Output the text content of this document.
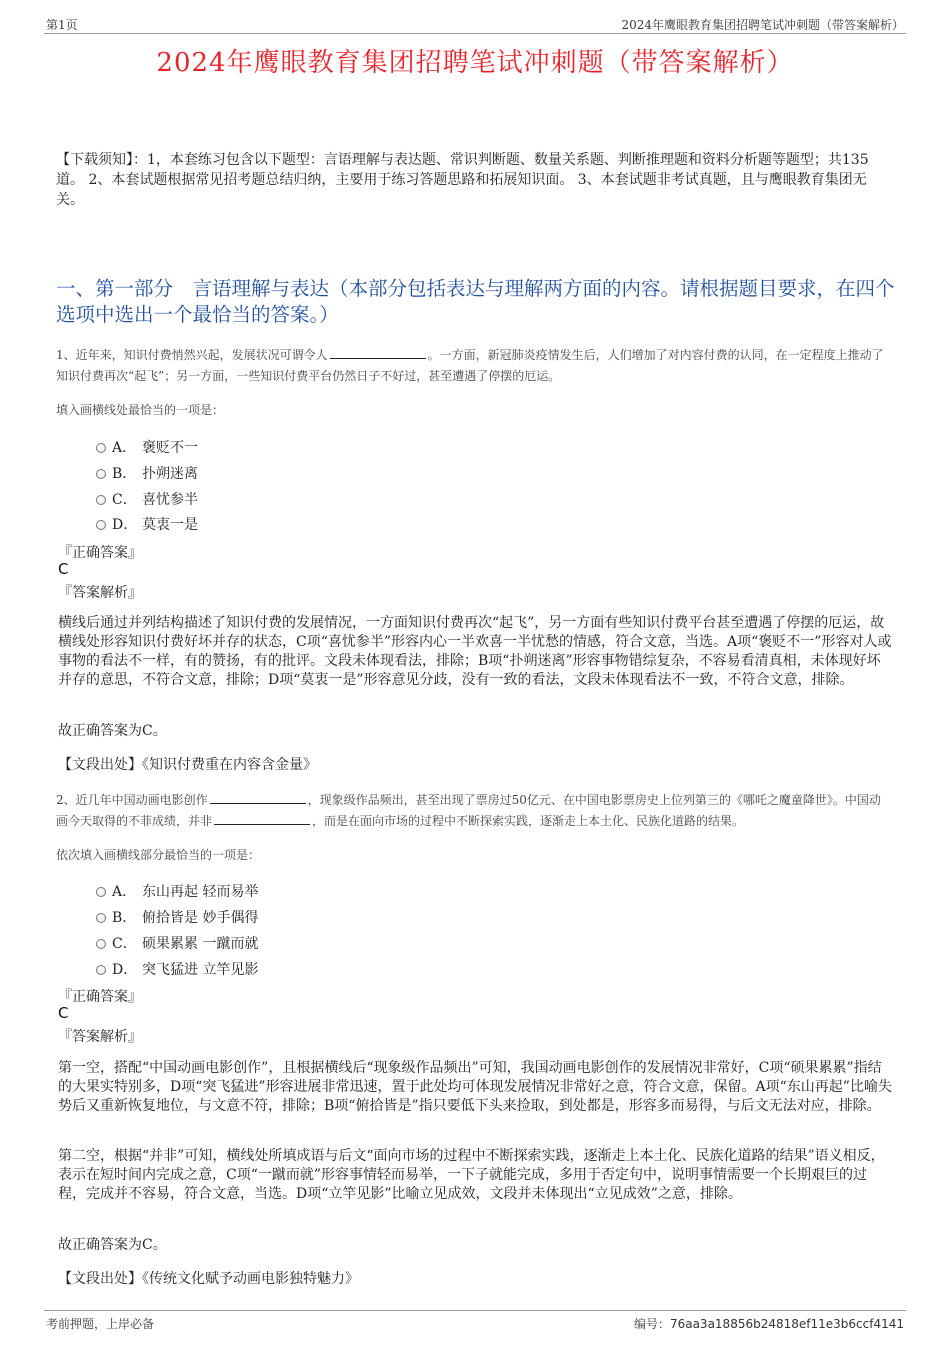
第1页	2024年鹰眼教育集团招聘笔试冲刺题（带答案解析）
2024年鹰眼教育集团招聘笔试冲刺题（带答案解析）
【下载须知】：1，本套练习包含以下题型：言语理解与表达题、常识判断题、数量关系题、判断推理题和资料分析题等题型；共135道。 2、本套试题根据常见招考题总结归纳，主要用于练习答题思路和拓展知识面。 3、本套试题非考试真题，且与鹰眼教育集团无关。
一、第一部分　言语理解与表达（本部分包括表达与理解两方面的内容。请根据题目要求，在四个选项中选出一个最恰当的答案。）
1、近年来，知识付费悄然兴起，发展状况可谓令人	。一方面，新冠肺炎疫情发生后，人们增加了对内容付费的认同，在一定程度上推动了知识付费再次“起飞”；另一方面，一些知识付费平台仍然日子不好过，甚至遭遇了停摆的厄运。
填入画横线处最恰当的一项是：
A． 褒贬不一
B． 扑朔迷离
C． 喜忧参半
D． 莫衷一是
『正确答案』
C
『答案解析』
横线后通过并列结构描述了知识付费的发展情况，一方面知识付费再次“起飞”，另一方面有些知识付费平台甚至遭遇了停摆的厄运，故横线处形容知识付费好坏并存的状态，C项“喜忧参半”形容内心一半欢喜一半忧愁的情感，符合文意，当选。A项“褒贬不一”形容对人或事物的看法不一样，有的赞扬，有的批评。文段未体现看法，排除；B项“扑朔迷离”形容事物错综复杂，不容易看清真相，未体现好坏并存的意思，不符合文意，排除；D项“莫衷一是”形容意见分歧，没有一致的看法，文段未体现看法不一致，不符合文意，排除。
故正确答案为C。
【文段出处】《知识付费重在内容含金量》
2、近几年中国动画电影创作	，现象级作品频出，甚至出现了票房过50亿元、在中国电影票房史上位列第三的《哪吒之魔童降世》。中国动画今天取得的不菲成绩，并非	，而是在面向市场的过程中不断探索实践，逐渐走上本土化、民族化道路的结果。
依次填入画横线部分最恰当的一项是：
A． 东山再起 轻而易举
B． 俯拾皆是 妙手偶得
C． 硕果累累 一蹴而就
D． 突飞猛进 立竿见影
『正确答案』
C
『答案解析』
第一空，搭配“中国动画电影创作”，且根据横线后“现象级作品频出”可知，我国动画电影创作的发展情况非常好，C项“硕果累累”指结的大果实特别多，D项“突飞猛进”形容进展非常迅速，置于此处均可体现发展情况非常好之意，符合文意，保留。A项“东山再起”比喻失势后又重新恢复地位，与文意不符，排除；B项“俯拾皆是”指只要低下头来捡取，到处都是，形容多而易得，与后文无法对应，排除。
第二空，根据“并非”可知，横线处所填成语与后文“面向市场的过程中不断探索实践，逐渐走上本土化、民族化道路的结果”语义相反，表示在短时间内完成之意，C项“一蹴而就”形容事情轻而易举，一下子就能完成，多用于否定句中，说明事情需要一个长期艰巨的过程，完成并不容易，符合文意，当选。D项“立竿见影”比喻立见成效，文段并未体现出“立见成效”之意，排除。
故正确答案为C。
【文段出处】《传统文化赋予动画电影独特魅力》
考前押题，上岸必备	编号：76aa3a18856b24818ef11e3b6ccf4141
